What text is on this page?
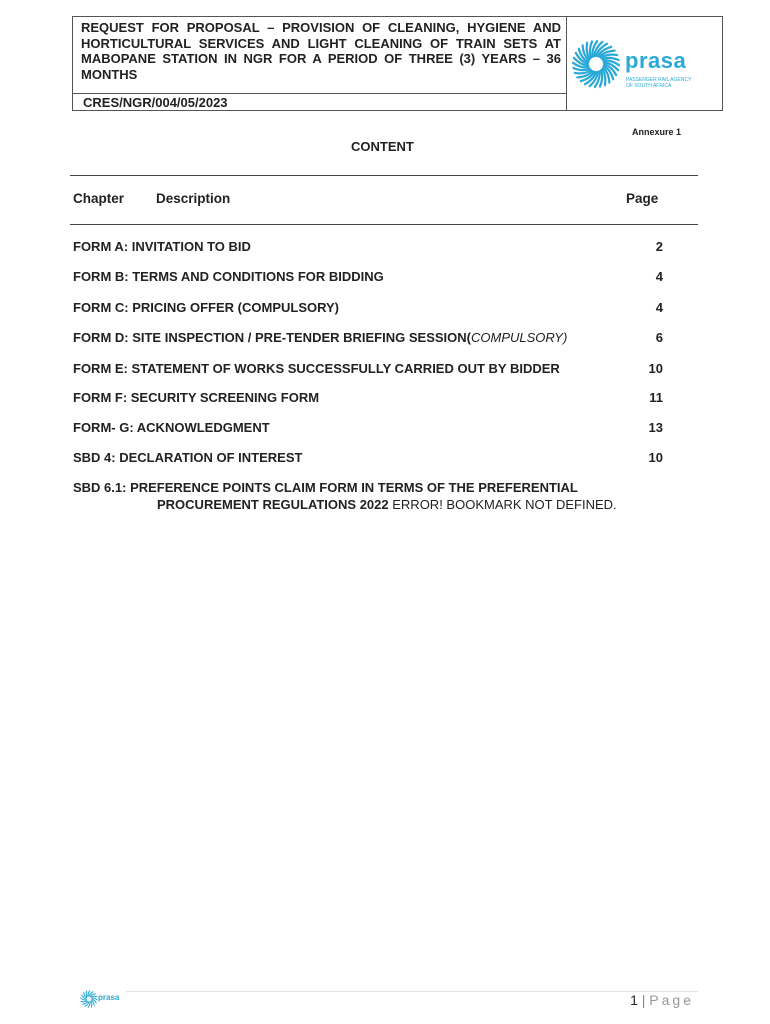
REQUEST FOR PROPOSAL – PROVISION OF CLEANING, HYGIENE AND HORTICULTURAL SERVICES AND LIGHT CLEANING OF TRAIN SETS AT MABOPANE STATION IN NGR FOR A PERIOD OF THREE (3) YEARS – 36 MONTHS
CRES/NGR/004/05/2023
prasa
PASSENGER RAIL AGENCY OF SOUTH AFRICA
Annexure 1
CONTENT
Chapter Description	Page
FORM A: INVITATION TO BID	2
FORM B: TERMS AND CONDITIONS FOR BIDDING	4
FORM C: PRICING OFFER (COMPULSORY)	4
FORM D: SITE INSPECTION / PRE-TENDER BRIEFING SESSION(COMPULSORY)	6
FORM E: STATEMENT OF WORKS SUCCESSFULLY CARRIED OUT BY BIDDER	10
FORM F: SECURITY SCREENING FORM	11
FORM- G: ACKNOWLEDGMENT	13
SBD 4: DECLARATION OF INTEREST	10
SBD 6.1: PREFERENCE POINTS CLAIM FORM IN TERMS OF THE PREFERENTIAL
PROCUREMENT REGULATIONS 2022 ERROR! BOOKMARK NOT DEFINED.
prasa	1 | Page
